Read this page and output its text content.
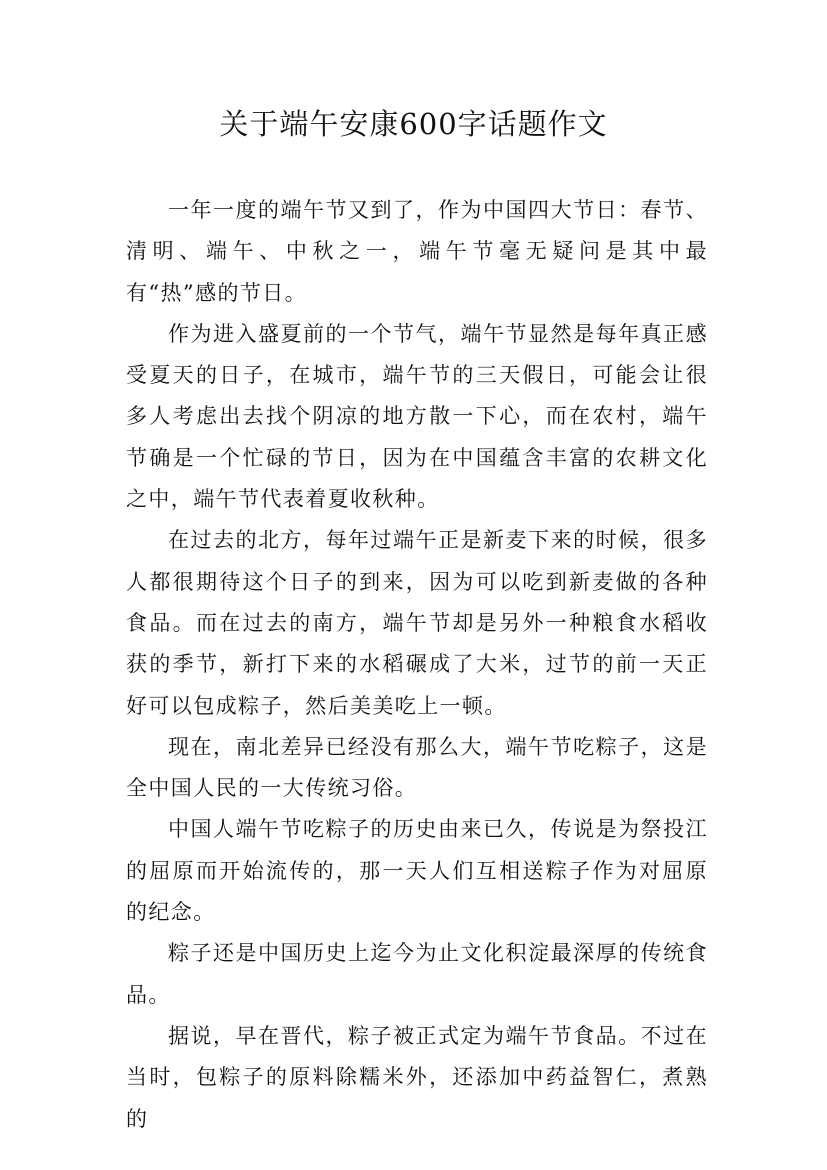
关于端午安康600字话题作文

一年一度的端午节又到了，作为中国四大节日：春节、清明、端午、中秋之一，端午节毫无疑问是其中最有“热”感的节日。

作为进入盛夏前的一个节气，端午节显然是每年真正感受夏天的日子，在城市，端午节的三天假日，可能会让很多人考虑出去找个阴凉的地方散一下心，而在农村，端午节确是一个忙碌的节日，因为在中国蕴含丰富的农耕文化之中，端午节代表着夏收秋种。

在过去的北方，每年过端午正是新麦下来的时候，很多人都很期待这个日子的到来，因为可以吃到新麦做的各种食品。而在过去的南方，端午节却是另外一种粮食水稻收获的季节，新打下来的水稻碾成了大米，过节的前一天正好可以包成粽子，然后美美吃上一顿。

现在，南北差异已经没有那么大，端午节吃粽子，这是全中国人民的一大传统习俗。

中国人端午节吃粽子的历史由来已久，传说是为祭投江的屈原而开始流传的，那一天人们互相送粽子作为对屈原的纪念。

粽子还是中国历史上迄今为止文化积淀最深厚的传统食品。

据说，早在晋代，粽子被正式定为端午节食品。不过在当时，包粽子的原料除糯米外，还添加中药益智仁，煮熟的
